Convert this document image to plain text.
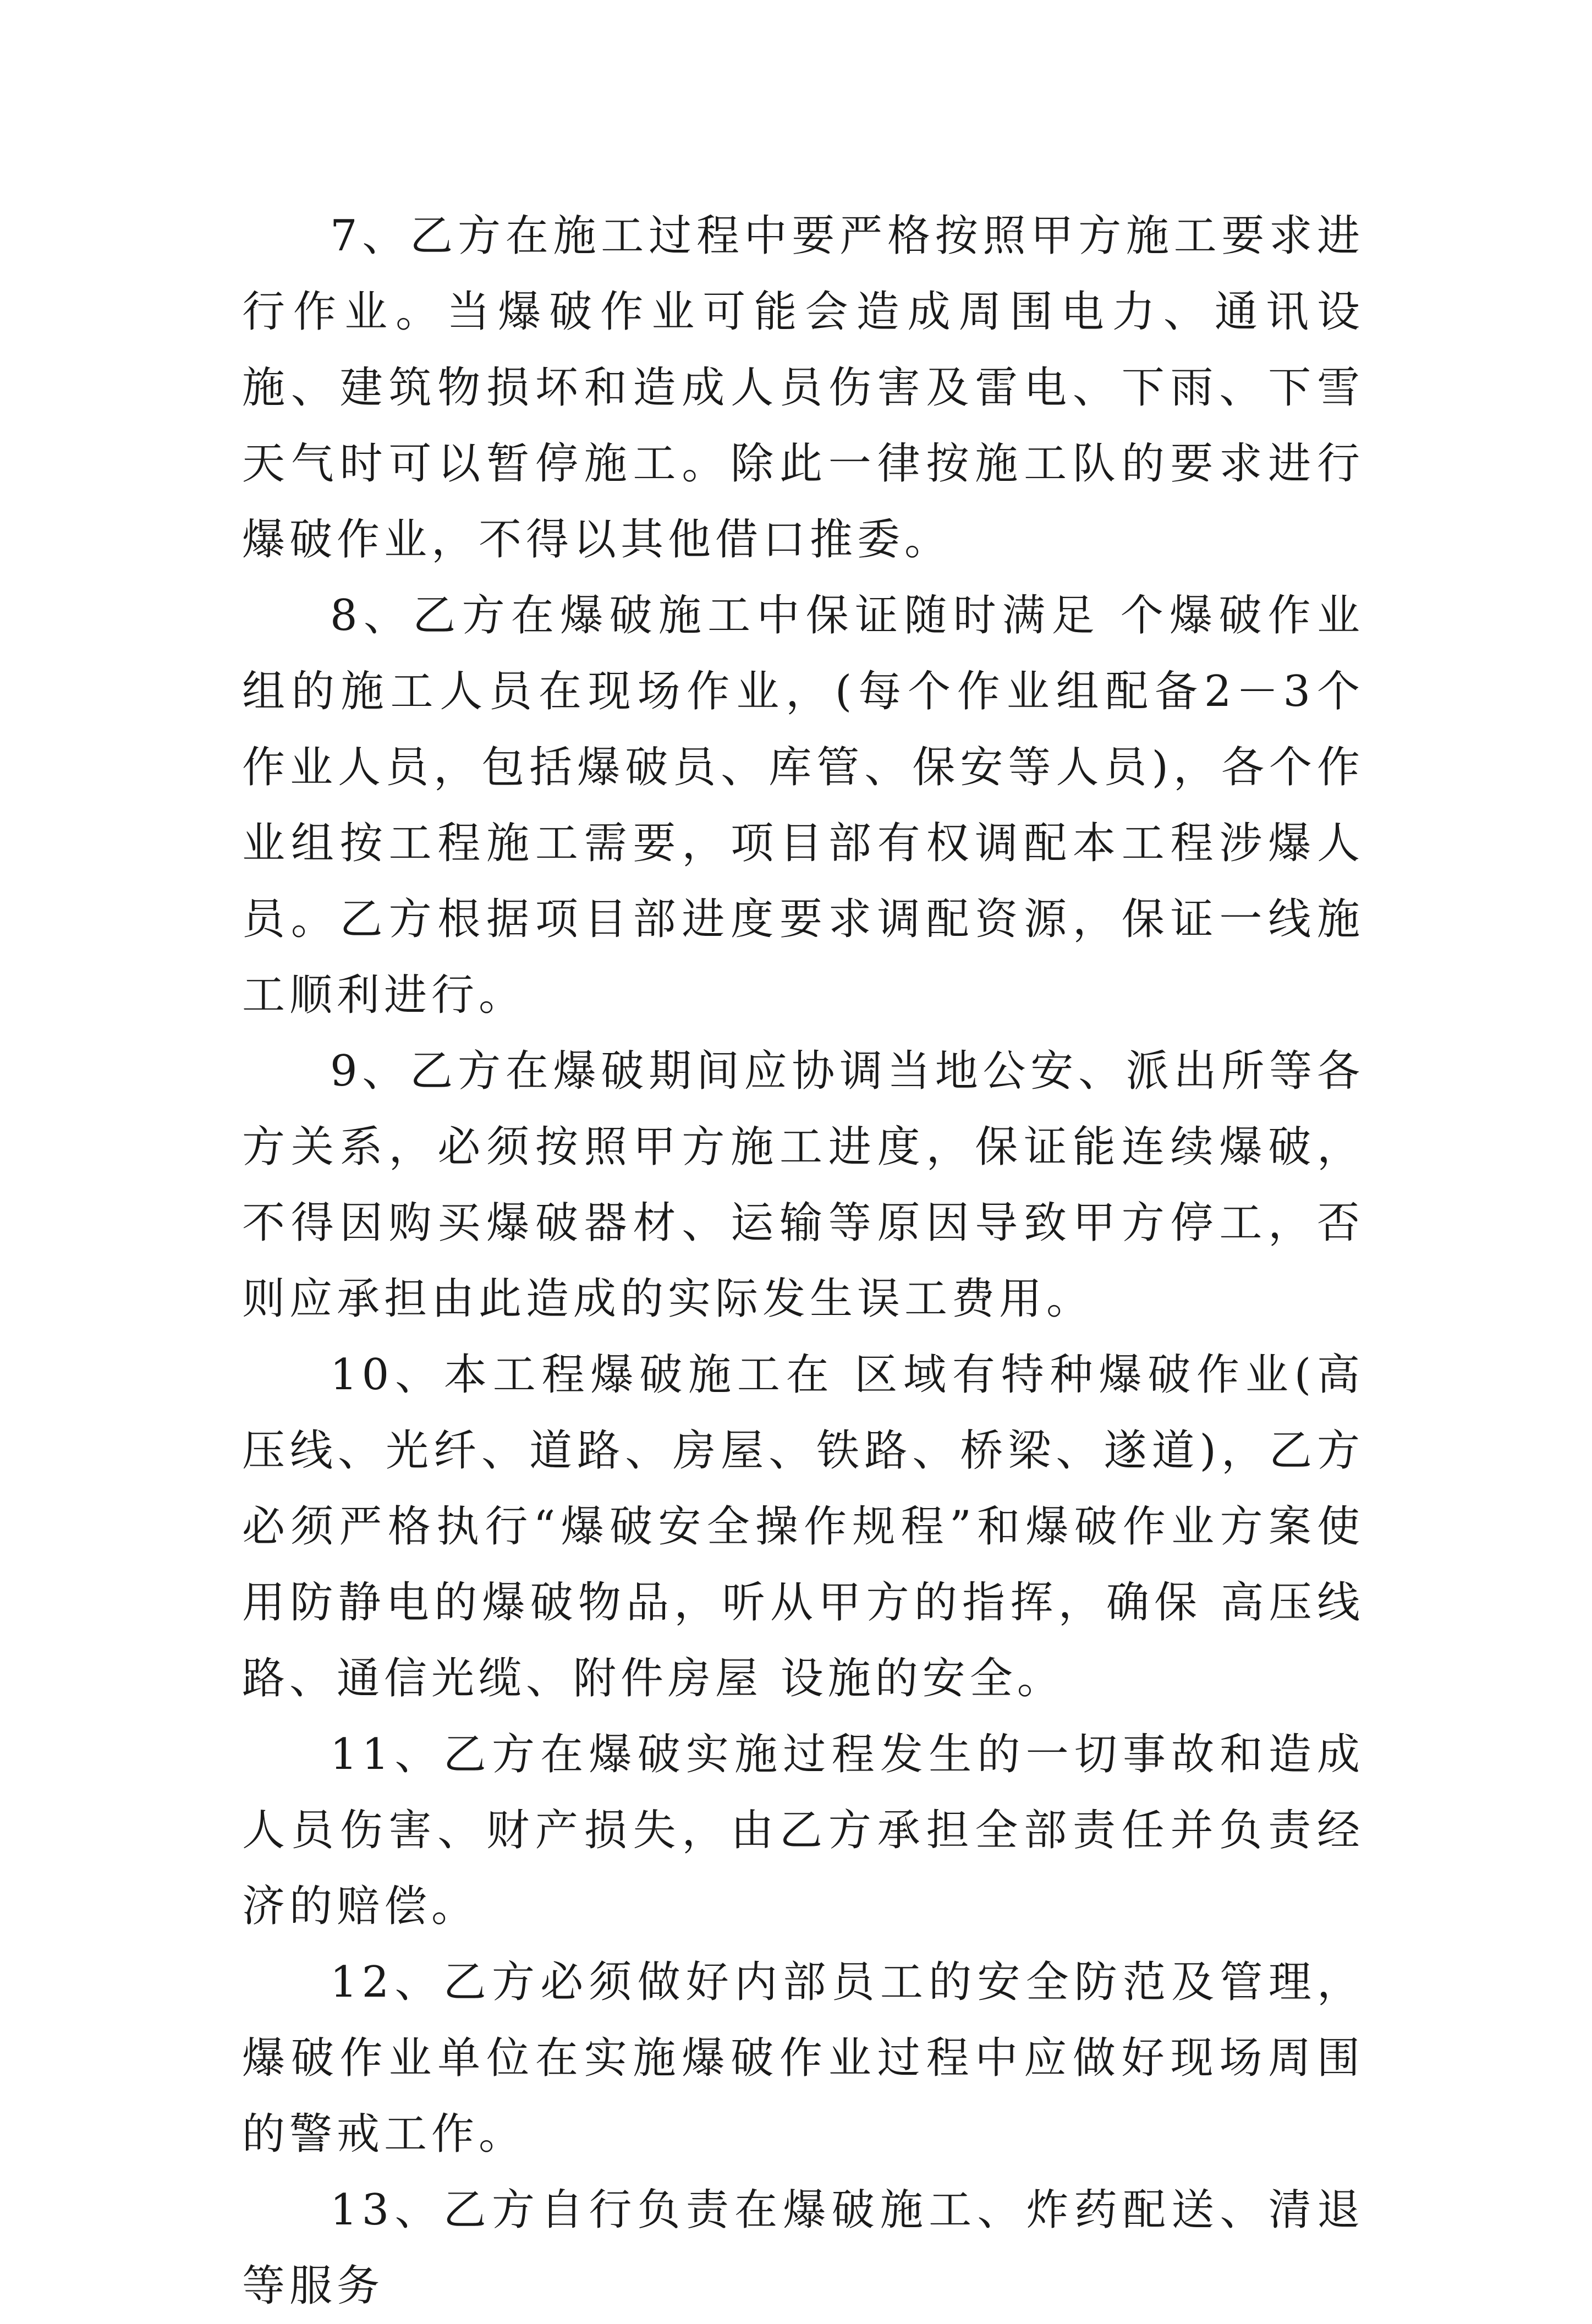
7、乙方在施工过程中要严格按照甲方施工要求进行作业。当爆破作业可能会造成周围电力、通讯设施、建筑物损坏和造成人员伤害及雷电、下雨、下雪天气时可以暂停施工。除此一律按施工队的要求进行爆破作业，不得以其他借口推委。

8、乙方在爆破施工中保证随时满足 个爆破作业组的施工人员在现场作业，(每个作业组配备2－3个作业人员，包括爆破员、库管、保安等人员)，各个作业组按工程施工需要，项目部有权调配本工程涉爆人员。乙方根据项目部进度要求调配资源，保证一线施工顺利进行。

9、乙方在爆破期间应协调当地公安、派出所等各方关系，必须按照甲方施工进度，保证能连续爆破，不得因购买爆破器材、运输等原因导致甲方停工，否则应承担由此造成的实际发生误工费用。

10、本工程爆破施工在 区域有特种爆破作业(高压线、光纤、道路、房屋、铁路、桥梁、遂道)，乙方必须严格执行“爆破安全操作规程”和爆破作业方案使用防静电的爆破物品，听从甲方的指挥，确保 高压线路、通信光缆、附件房屋 设施的安全。

11、乙方在爆破实施过程发生的一切事故和造成人员伤害、财产损失，由乙方承担全部责任并负责经济的赔偿。

12、乙方必须做好内部员工的安全防范及管理，爆破作业单位在实施爆破作业过程中应做好现场周围的警戒工作。

13、乙方自行负责在爆破施工、炸药配送、清退等服务
